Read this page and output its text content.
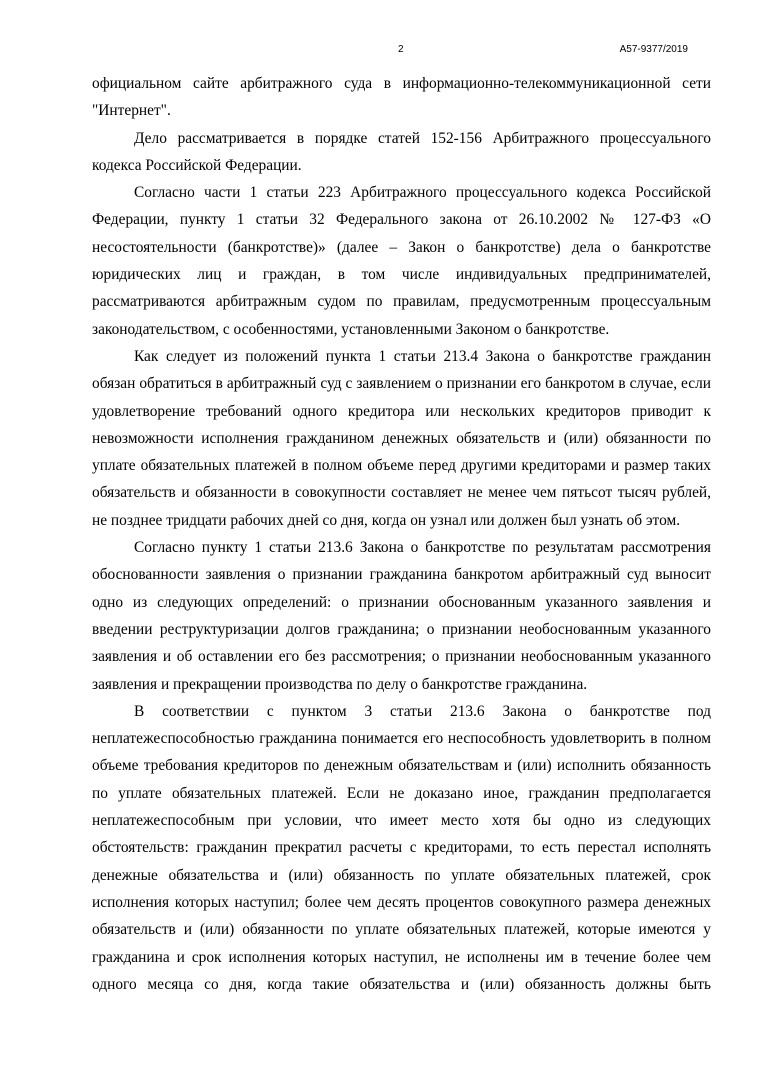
2	А57-9377/2019

официальном сайте арбитражного суда в информационно-телекоммуникационной сети "Интернет".

Дело рассматривается в порядке статей 152-156 Арбитражного процессуального кодекса Российской Федерации.

Согласно части 1 статьи 223 Арбитражного процессуального кодекса Российской Федерации, пункту 1 статьи 32 Федерального закона от 26.10.2002 № 127-ФЗ «О несостоятельности (банкротстве)» (далее – Закон о банкротстве) дела о банкротстве юридических лиц и граждан, в том числе индивидуальных предпринимателей, рассматриваются арбитражным судом по правилам, предусмотренным процессуальным законодательством, с особенностями, установленными Законом о банкротстве.

Как следует из положений пункта 1 статьи 213.4 Закона о банкротстве гражданин обязан обратиться в арбитражный суд с заявлением о признании его банкротом в случае, если удовлетворение требований одного кредитора или нескольких кредиторов приводит к невозможности исполнения гражданином денежных обязательств и (или) обязанности по уплате обязательных платежей в полном объеме перед другими кредиторами и размер таких обязательств и обязанности в совокупности составляет не менее чем пятьсот тысяч рублей, не позднее тридцати рабочих дней со дня, когда он узнал или должен был узнать об этом.

Согласно пункту 1 статьи 213.6 Закона о банкротстве по результатам рассмотрения обоснованности заявления о признании гражданина банкротом арбитражный суд выносит одно из следующих определений: о признании обоснованным указанного заявления и введении реструктуризации долгов гражданина; о признании необоснованным указанного заявления и об оставлении его без рассмотрения; о признании необоснованным указанного заявления и прекращении производства по делу о банкротстве гражданина.

В соответствии с пунктом 3 статьи 213.6 Закона о банкротстве под неплатежеспособностью гражданина понимается его неспособность удовлетворить в полном объеме требования кредиторов по денежным обязательствам и (или) исполнить обязанность по уплате обязательных платежей. Если не доказано иное, гражданин предполагается неплатежеспособным при условии, что имеет место хотя бы одно из следующих обстоятельств: гражданин прекратил расчеты с кредиторами, то есть перестал исполнять денежные обязательства и (или) обязанность по уплате обязательных платежей, срок исполнения которых наступил; более чем десять процентов совокупного размера денежных обязательств и (или) обязанности по уплате обязательных платежей, которые имеются у гражданина и срок исполнения которых наступил, не исполнены им в течение более чем одного месяца со дня, когда такие обязательства и (или) обязанность должны быть
